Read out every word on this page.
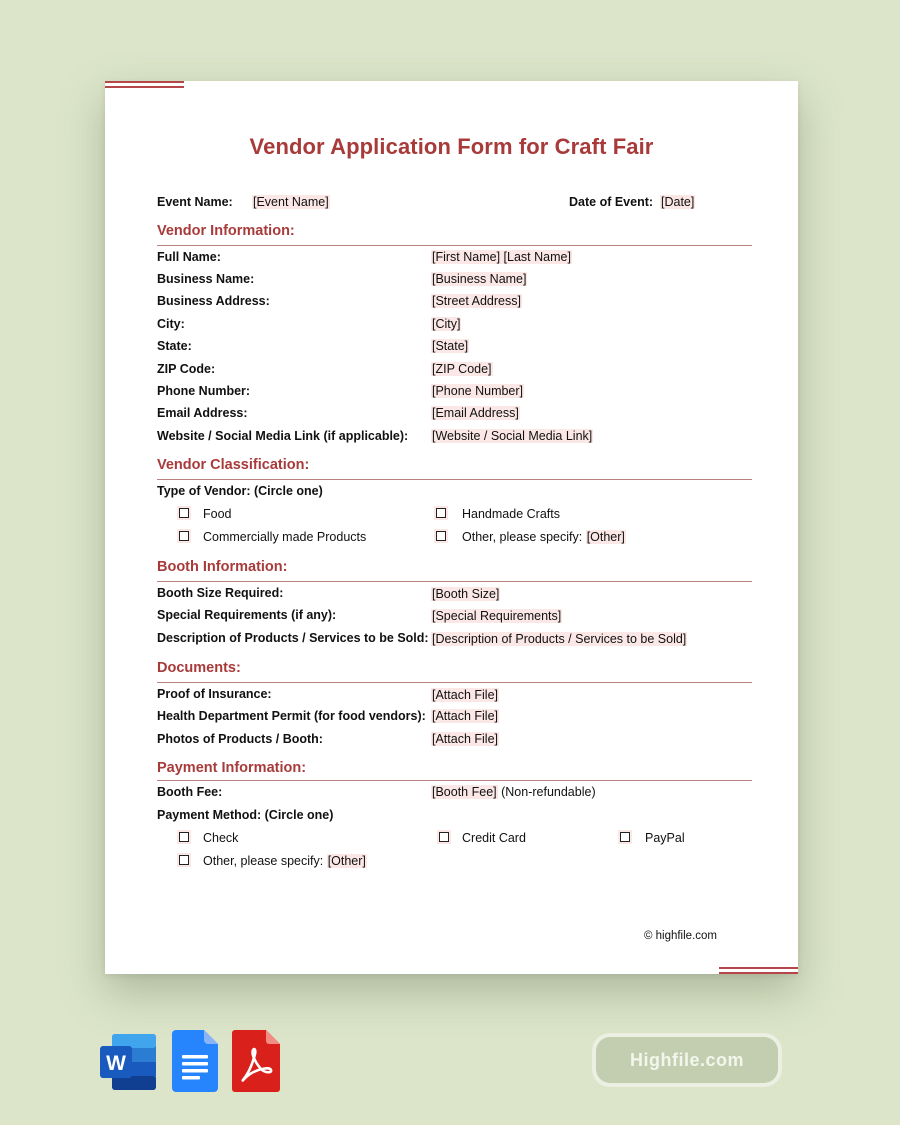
Vendor Application Form for Craft Fair
Event Name: [Event Name]	Date of Event: [Date]
Vendor Information:
Full Name:	[First Name] [Last Name]
Business Name:	[Business Name]
Business Address:	[Street Address]
City:	[City]
State:	[State]
ZIP Code:	[ZIP Code]
Phone Number:	[Phone Number]
Email Address:	[Email Address]
Website / Social Media Link (if applicable): [Website / Social Media Link]
Vendor Classification:
Type of Vendor: (Circle one)
Food	Handmade Crafts
Commercially made Products	Other, please specify: [Other]
Booth Information:
Booth Size Required:	[Booth Size]
Special Requirements (if any):	[Special Requirements]
Description of Products / Services to be Sold: [Description of Products / Services to be Sold]
Documents:
Proof of Insurance:	[Attach File]
Health Department Permit (for food vendors): [Attach File]
Photos of Products / Booth:	[Attach File]
Payment Information:
Booth Fee:	[Booth Fee] (Non-refundable)
Payment Method: (Circle one)
Check	Credit Card	PayPal
Other, please specify: [Other]
© highfile.com
W	Highfile.com
